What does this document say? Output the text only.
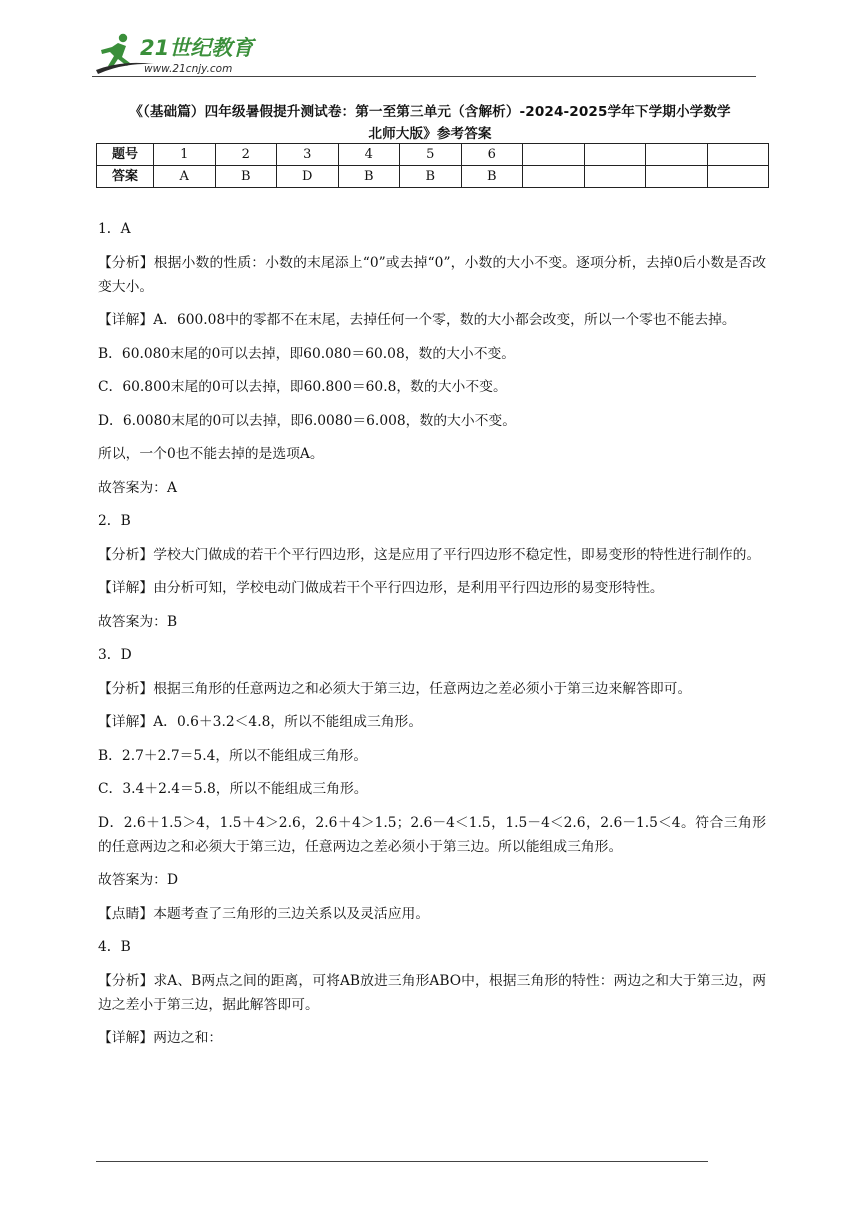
21世纪教育
www.21cnjy.com
《（基础篇）四年级暑假提升测试卷：第一至第三单元（含解析）-2024-2025学年下学期小学数学
北师大版》参考答案
题号	1	2	3	4	5	6				
答案	A	B	D	B	B	B				

1．A

【分析】根据小数的性质：小数的末尾添上“0”或去掉“0”，小数的大小不变。逐项分析，去掉0后小数是否改变大小。

【详解】A．600.08中的零都不在末尾，去掉任何一个零，数的大小都会改变，所以一个零也不能去掉。

B．60.080末尾的0可以去掉，即60.080＝60.08，数的大小不变。

C．60.800末尾的0可以去掉，即60.800＝60.8，数的大小不变。

D．6.0080末尾的0可以去掉，即6.0080＝6.008，数的大小不变。

所以，一个0也不能去掉的是选项A。

故答案为：A

2．B

【分析】学校大门做成的若干个平行四边形，这是应用了平行四边形不稳定性，即易变形的特性进行制作的。

【详解】由分析可知，学校电动门做成若干个平行四边形，是利用平行四边形的易变形特性。

故答案为：B

3．D

【分析】根据三角形的任意两边之和必须大于第三边，任意两边之差必须小于第三边来解答即可。

【详解】A．0.6＋3.2＜4.8，所以不能组成三角形。

B．2.7＋2.7＝5.4，所以不能组成三角形。

C．3.4＋2.4＝5.8，所以不能组成三角形。

D．2.6＋1.5＞4，1.5＋4＞2.6，2.6＋4＞1.5；2.6－4＜1.5，1.5－4＜2.6，2.6－1.5＜4。符合三角形的任意两边之和必须大于第三边，任意两边之差必须小于第三边。所以能组成三角形。

故答案为：D

【点睛】本题考查了三角形的三边关系以及灵活应用。

4．B

【分析】求A、B两点之间的距离，可将AB放进三角形ABO中，根据三角形的特性：两边之和大于第三边，两边之差小于第三边，据此解答即可。

【详解】两边之和：
